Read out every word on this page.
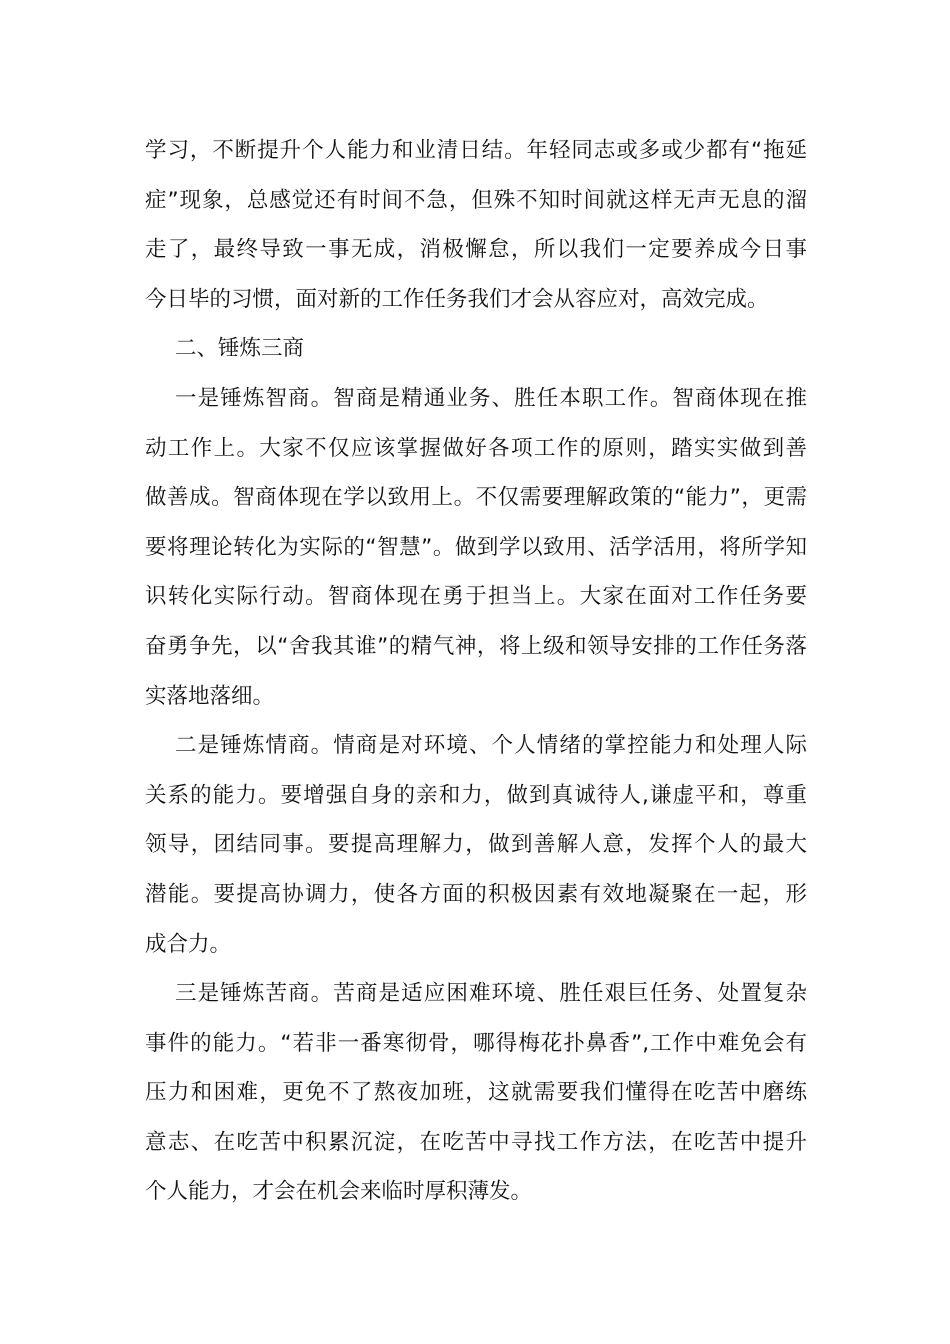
学习，不断提升个人能力和业清日结。年轻同志或多或少都有“拖延
症”现象，总感觉还有时间不急，但殊不知时间就这样无声无息的溜
走了，最终导致一事无成，消极懈怠，所以我们一定要养成今日事
今日毕的习惯，面对新的工作任务我们才会从容应对，高效完成。

二、锤炼三商

一是锤炼智商。智商是精通业务、胜任本职工作。智商体现在推
动工作上。大家不仅应该掌握做好各项工作的原则，踏实实做到善
做善成。智商体现在学以致用上。不仅需要理解政策的“能力”，更需
要将理论转化为实际的“智慧”。做到学以致用、活学活用，将所学知
识转化实际行动。智商体现在勇于担当上。大家在面对工作任务要
奋勇争先，以“舍我其谁”的精气神，将上级和领导安排的工作任务落
实落地落细。

二是锤炼情商。情商是对环境、个人情绪的掌控能力和处理人际
关系的能力。要增强自身的亲和力，做到真诚待人,谦虚平和，尊重
领导，团结同事。要提高理解力，做到善解人意，发挥个人的最大
潜能。要提高协调力，使各方面的积极因素有效地凝聚在一起，形
成合力。

三是锤炼苦商。苦商是适应困难环境、胜任艰巨任务、处置复杂
事件的能力。“若非一番寒彻骨，哪得梅花扑鼻香”,工作中难免会有
压力和困难，更免不了熬夜加班，这就需要我们懂得在吃苦中磨练
意志、在吃苦中积累沉淀，在吃苦中寻找工作方法，在吃苦中提升
个人能力，才会在机会来临时厚积薄发。
